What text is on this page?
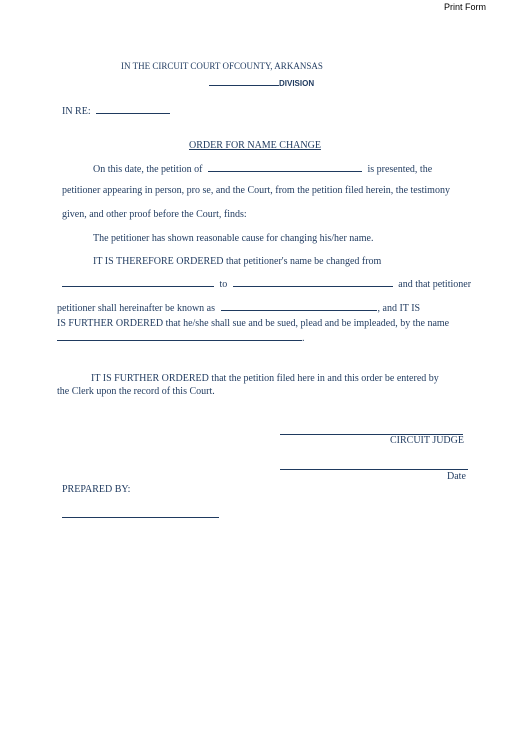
Print Form
IN THE CIRCUIT COURT OFCOUNTY, ARKANSAS
DIVISION
IN RE:
ORDER FOR NAME CHANGE
On this date, the petition of	is presented, the
petitioner appearing in person, pro se, and the Court, from the petition filed herein, the testimony
given, and other proof before the Court, finds:
The petitioner has shown reasonable cause for changing his/her name.
IT IS THEREFORE ORDERED that petitioner's name be changed from
to	and that petitioner
petitioner shall hereinafter be known as	, and IT IS
IS FURTHER ORDERED that he/she shall sue and be sued, plead and be impleaded, by the name
.
IT IS FURTHER ORDERED that the petition filed here in and this order be entered by
the Clerk upon the record of this Court.
CIRCUIT JUDGE
Date
PREPARED BY:
